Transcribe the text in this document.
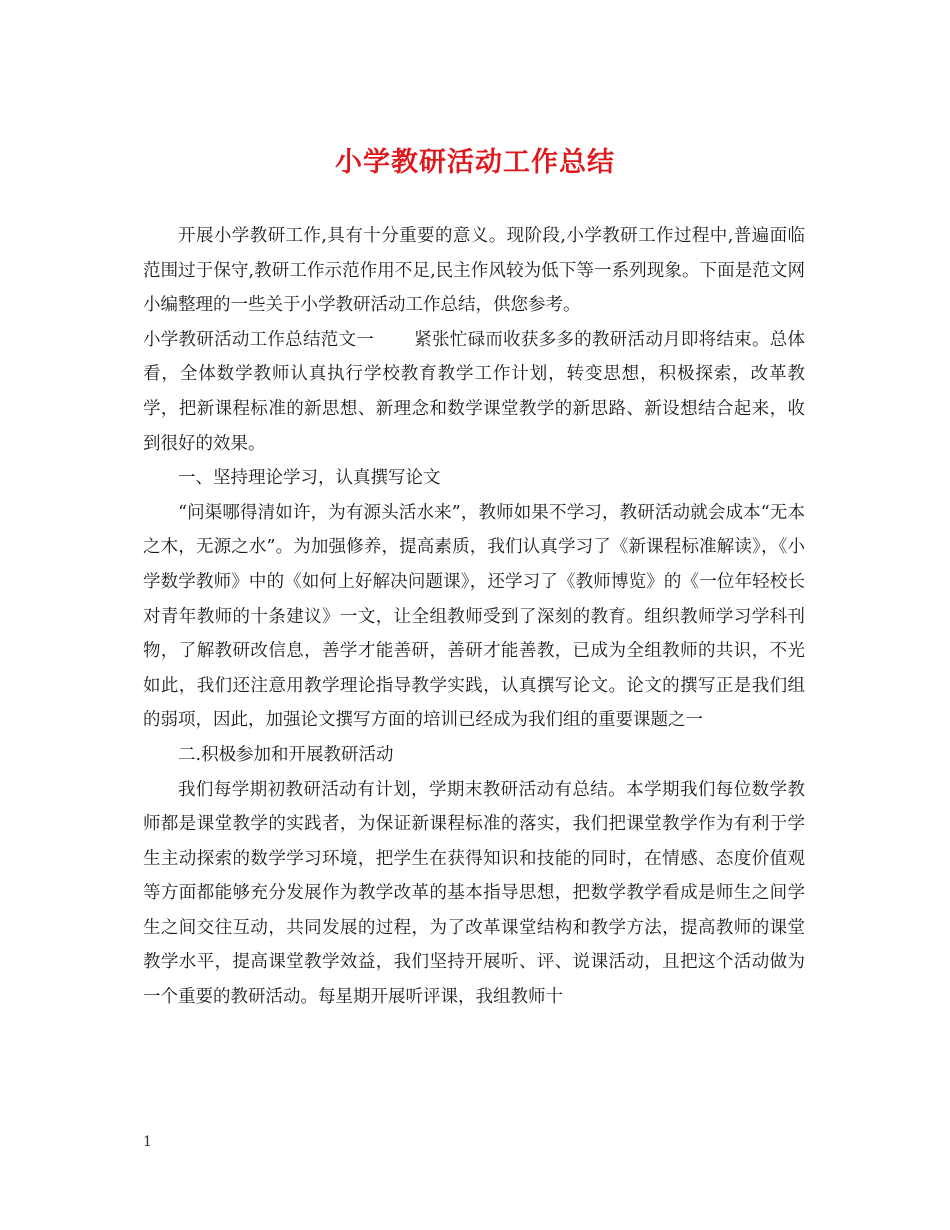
小学教研活动工作总结

开展小学教研工作,具有十分重要的意义。现阶段,小学教研工作过程中,普遍面临范围过于保守,教研工作示范作用不足,民主作风较为低下等一系列现象。下面是范文网小编整理的一些关于小学教研活动工作总结，供您参考。

小学教研活动工作总结范文一 紧张忙碌而收获多多的教研活动月即将结束。总体看，全体数学教师认真执行学校教育教学工作计划，转变思想，积极探索，改革教学，把新课程标准的新思想、新理念和数学课堂教学的新思路、新设想结合起来，收到很好的效果。

一、坚持理论学习，认真撰写论文

“问渠哪得清如许，为有源头活水来”，教师如果不学习，教研活动就会成本“无本之木，无源之水”。为加强修养，提高素质，我们认真学习了《新课程标准解读》，《小学数学教师》中的《如何上好解决问题课》，还学习了《教师博览》的《一位年轻校长对青年教师的十条建议》一文，让全组教师受到了深刻的教育。组织教师学习学科刊物，了解教研改信息，善学才能善研，善研才能善教，已成为全组教师的共识，不光如此，我们还注意用教学理论指导教学实践，认真撰写论文。论文的撰写正是我们组的弱项，因此，加强论文撰写方面的培训已经成为我们组的重要课题之一

二.积极参加和开展教研活动

我们每学期初教研活动有计划，学期末教研活动有总结。本学期我们每位数学教师都是课堂教学的实践者，为保证新课程标准的落实，我们把课堂教学作为有利于学生主动探索的数学学习环境，把学生在获得知识和技能的同时，在情感、态度价值观等方面都能够充分发展作为教学改革的基本指导思想，把数学教学看成是师生之间学生之间交往互动，共同发展的过程，为了改革课堂结构和教学方法，提高教师的课堂教学水平，提高课堂教学效益，我们坚持开展听、评、说课活动，且把这个活动做为一个重要的教研活动。每星期开展听评课，我组教师十

1
